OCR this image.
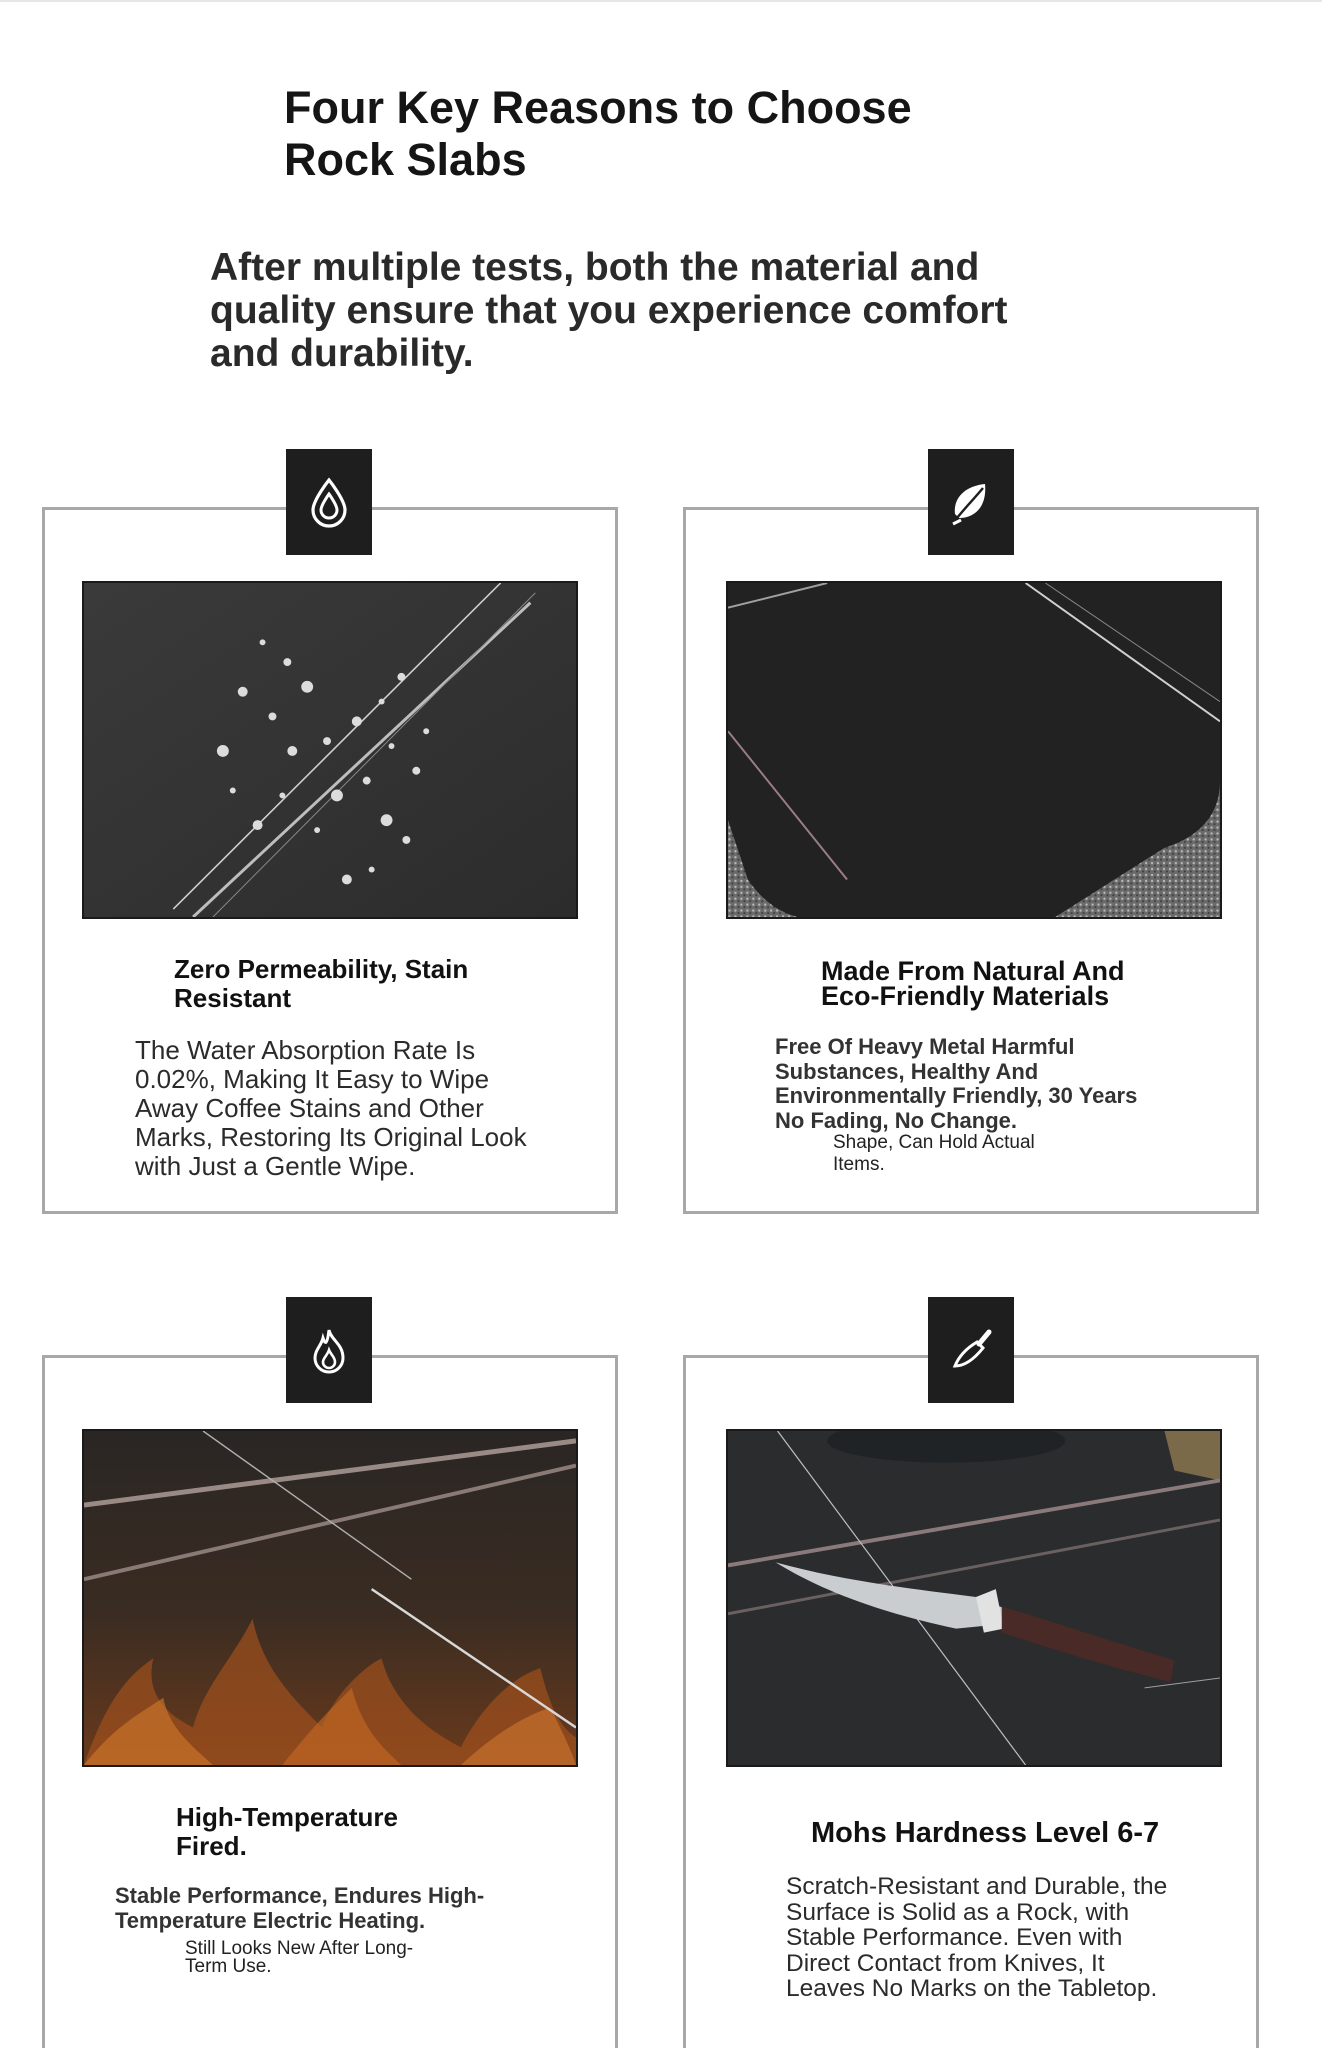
Four Key Reasons to Choose Rock Slabs

After multiple tests, both the material and quality ensure that you experience comfort and durability.

Zero Permeability, Stain Resistant
The Water Absorption Rate Is 0.02%, Making It Easy to Wipe Away Coffee Stains and Other Marks, Restoring Its Original Look with Just a Gentle Wipe.
Made From Natural And Eco-Friendly Materials
Free Of Heavy Metal Harmful Substances, Healthy And Environmentally Friendly, 30 Years No Fading, No Change.
Shape, Can Hold Actual Items.
High-Temperature Fired.
Stable Performance, Endures High-Temperature Electric Heating.
Still Looks New After Long-Term Use.
Mohs Hardness Level 6-7
Scratch-Resistant and Durable, the Surface is Solid as a Rock, with Stable Performance. Even with Direct Contact from Knives, It Leaves No Marks on the Tabletop.
